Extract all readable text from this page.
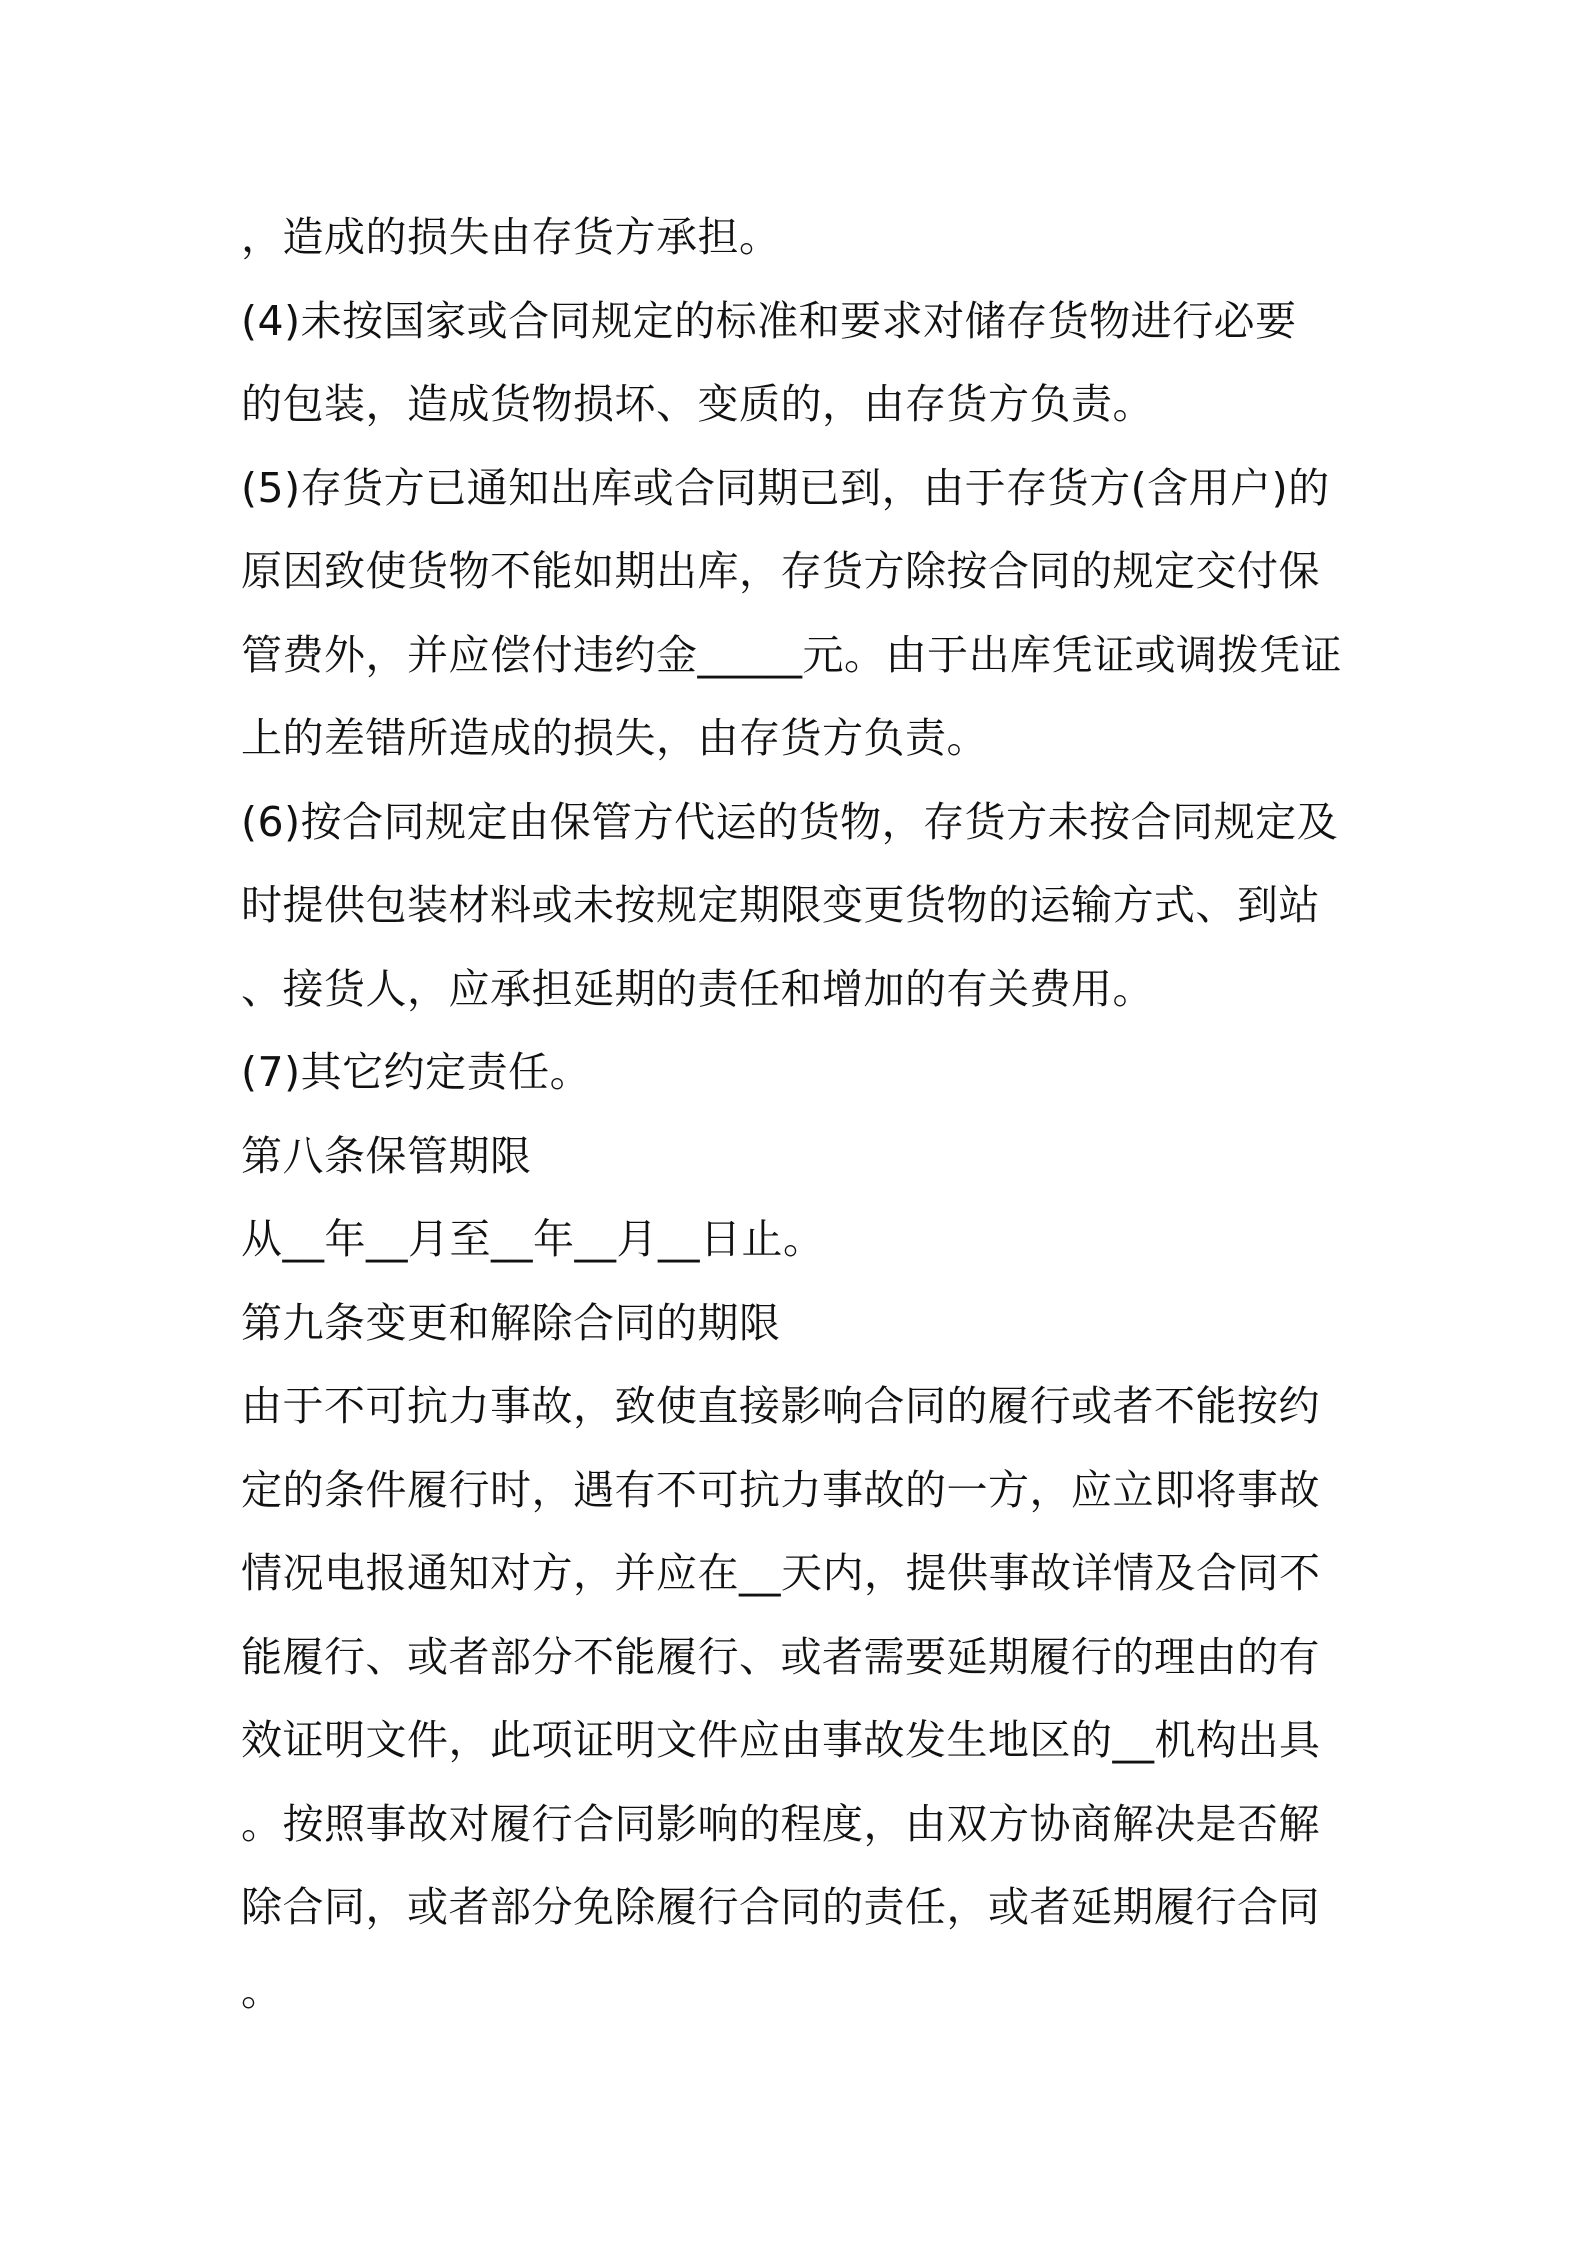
，造成的损失由存货方承担。
(4)未按国家或合同规定的标准和要求对储存货物进行必要
的包装，造成货物损坏、变质的，由存货方负责。
(5)存货方已通知出库或合同期已到，由于存货方(含用户)的
原因致使货物不能如期出库，存货方除按合同的规定交付保
管费外，并应偿付违约金_____元。由于出库凭证或调拨凭证
上的差错所造成的损失，由存货方负责。
(6)按合同规定由保管方代运的货物，存货方未按合同规定及
时提供包装材料或未按规定期限变更货物的运输方式、到站
、接货人，应承担延期的责任和增加的有关费用。
(7)其它约定责任。
第八条保管期限
从__年__月至__年__月__日止。
第九条变更和解除合同的期限
由于不可抗力事故，致使直接影响合同的履行或者不能按约
定的条件履行时，遇有不可抗力事故的一方，应立即将事故
情况电报通知对方，并应在__天内，提供事故详情及合同不
能履行、或者部分不能履行、或者需要延期履行的理由的有
效证明文件，此项证明文件应由事故发生地区的__机构出具
。按照事故对履行合同影响的程度，由双方协商解决是否解
除合同，或者部分免除履行合同的责任，或者延期履行合同
。
